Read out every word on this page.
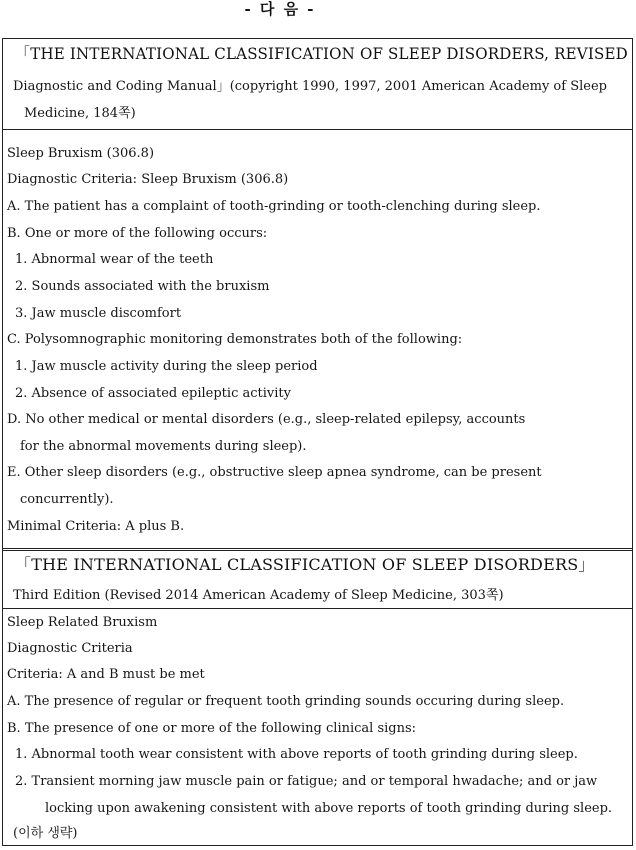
- 다 음 -
「THE INTERNATIONAL CLASSIFICATION OF SLEEP DISORDERS, REVISED
Diagnostic and Coding Manual」(copyright 1990, 1997, 2001 American Academy of Sleep
Medicine, 184쪽)
Sleep Bruxism (306.8)
Diagnostic Criteria: Sleep Bruxism (306.8)
A. The patient has a complaint of tooth-grinding or tooth-clenching during sleep.
B. One or more of the following occurs:
1. Abnormal wear of the teeth
2. Sounds associated with the bruxism
3. Jaw muscle discomfort
C. Polysomnographic monitoring demonstrates both of the following:
1. Jaw muscle activity during the sleep period
2. Absence of associated epileptic activity
D. No other medical or mental disorders (e.g., sleep-related epilepsy, accounts
for the abnormal movements during sleep).
E. Other sleep disorders (e.g., obstructive sleep apnea syndrome, can be present
concurrently).
Minimal Criteria: A plus B.
「THE INTERNATIONAL CLASSIFICATION OF SLEEP DISORDERS」
Third Edition (Revised 2014 American Academy of Sleep Medicine, 303쪽)
Sleep Related Bruxism
Diagnostic Criteria
Criteria: A and B must be met
A. The presence of regular or frequent tooth grinding sounds occuring during sleep.
B. The presence of one or more of the following clinical signs:
1. Abnormal tooth wear consistent with above reports of tooth grinding during sleep.
2. Transient morning jaw muscle pain or fatigue; and or temporal hwadache; and or jaw
locking upon awakening consistent with above reports of tooth grinding during sleep.
(이하 생략)
